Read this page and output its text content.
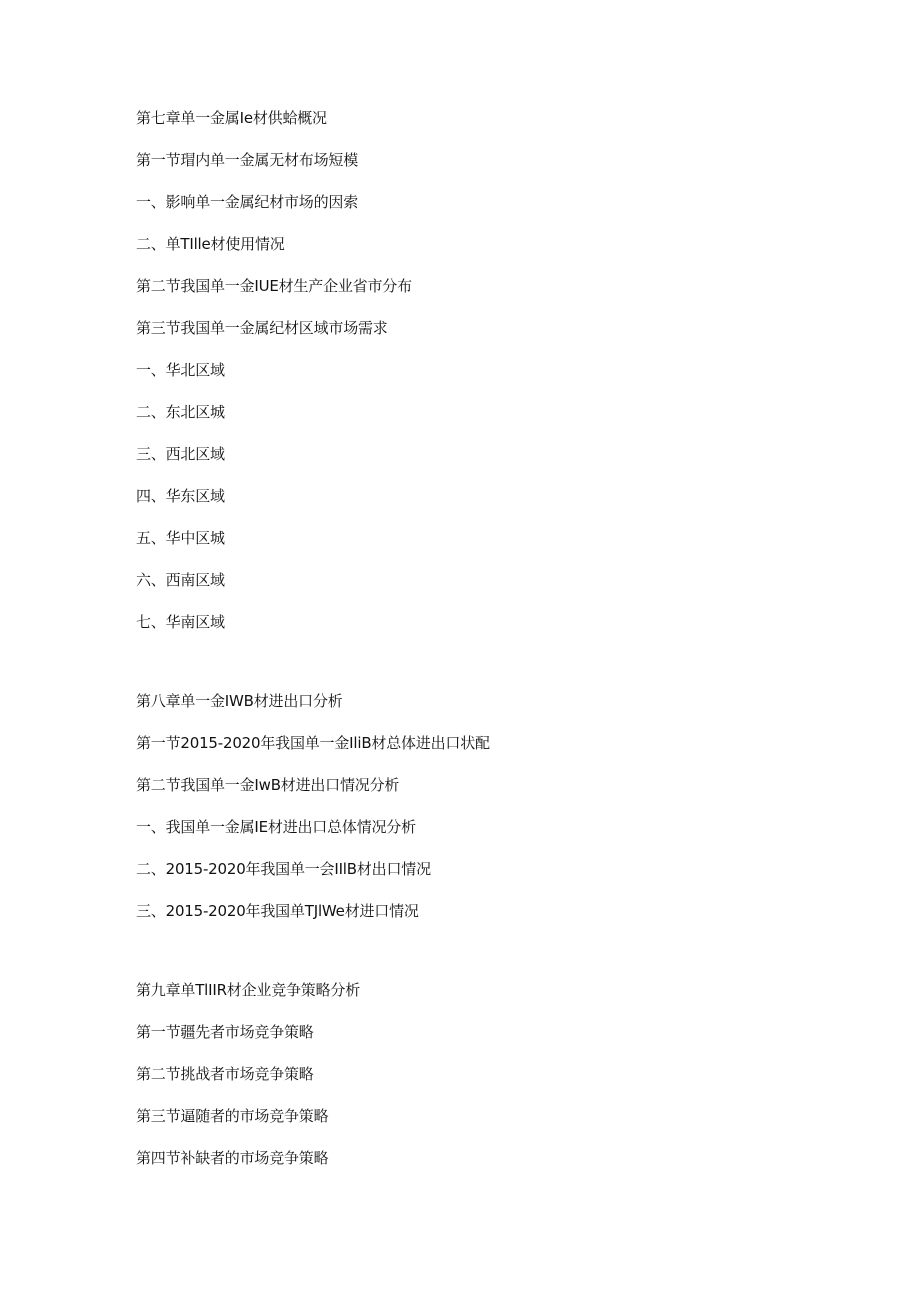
第七章单一金属Ie材供蛤概况
第一节瑁内单一金属无材布场短模
一、影响单一金属纪材市场的因索
二、单TIlle材使用情况
第二节我国单一金IUE材生产企业省市分布
第三节我国单一金属纪材区域市场需求
一、华北区域
二、东北区城
三、西北区域
四、华东区域
五、华中区城
六、西南区域
七、华南区域
第八章单一金IWB材进出口分析
第一节2015-2020年我国单一金IliB材总体进出口状配
第二节我国单一金IwB材进出口情况分析
一、我国单一金属IE材进出口总体情况分析
二、2015-2020年我国单一会IIlB材出口情况
三、2015-2020年我国单TJlWe材进口情况
第九章单TlIIR材企业竞争策略分析
第一节疆先者市场竞争策略
第二节挑战者市场竞争策略
第三节逼随者的市场竞争策略
第四节补缺者的市场竞争策略
